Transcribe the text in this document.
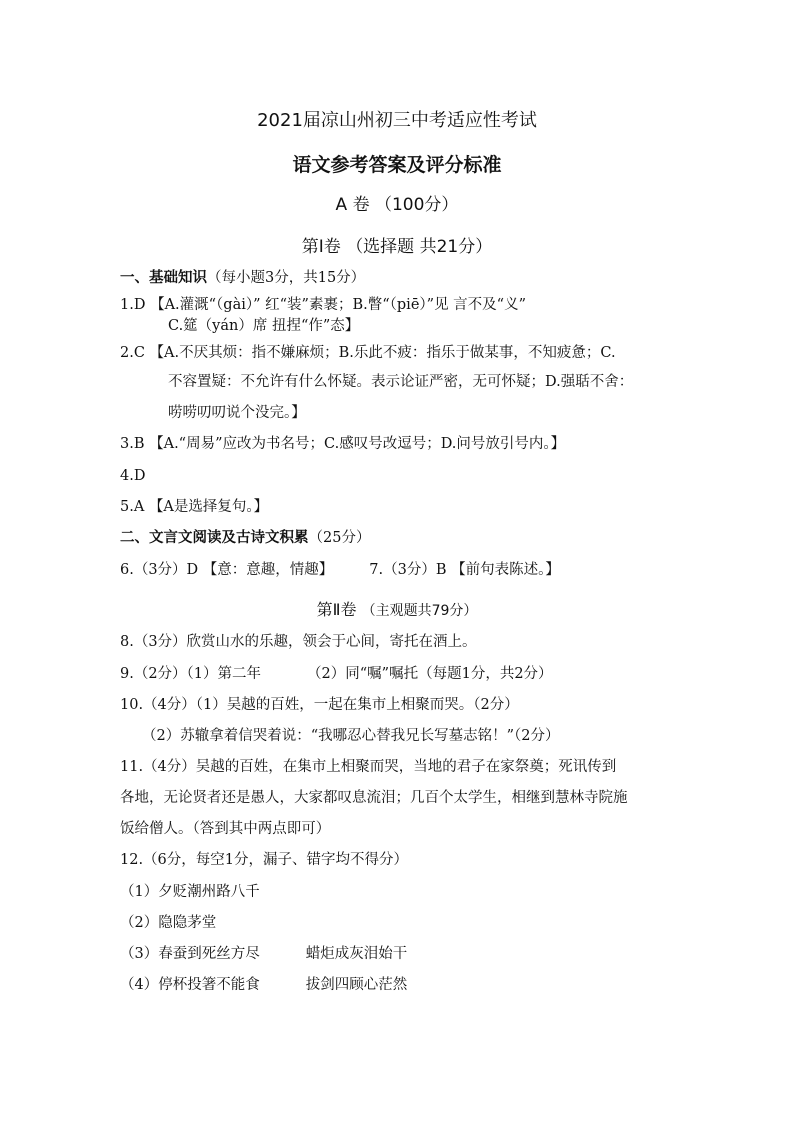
2021届凉山州初三中考适应性考试
语文参考答案及评分标准
A 卷 （100分）
第Ⅰ卷 （选择题 共21分）
一、基础知识（每小题3分，共15分）
1.D 【A.灌溉“（gài）” 红“装”素裹；B.瞥“（piē）”见 言不及“义”
C.筵（yán）席 扭捏“作”态】
2.C 【A.不厌其烦：指不嫌麻烦；B.乐此不疲：指乐于做某事，不知疲惫；C.
不容置疑：不允许有什么怀疑。表示论证严密，无可怀疑；D.强聒不舍：
唠唠叨叨说个没完。】
3.B 【A.“周易”应改为书名号；C.感叹号改逗号；D.问号放引号内。】
4.D
5.A 【A是选择复句。】
二、文言文阅读及古诗文积累（25分）
6.（3分）D 【意：意趣，情趣】 7.（3分）B 【前句表陈述。】
第Ⅱ卷 （主观题共79分）
8.（3分）欣赏山水的乐趣，领会于心间，寄托在酒上。
9.（2分）（1）第二年	（2）同“嘱”嘱托（每题1分，共2分）
10.（4分）（1）吴越的百姓，一起在集市上相聚而哭。（2分）
（2）苏辙拿着信哭着说：“我哪忍心替我兄长写墓志铭！”（2分）
11.（4分）吴越的百姓，在集市上相聚而哭，当地的君子在家祭奠；死讯传到
各地，无论贤者还是愚人，大家都叹息流泪；几百个太学生，相继到慧林寺院施
饭给僧人。（答到其中两点即可）
12.（6分，每空1分，漏子、错字均不得分）
（1）夕贬潮州路八千
（2）隐隐茅堂
（3）春蚕到死丝方尽	蜡炬成灰泪始干
（4）停杯投箸不能食	拔剑四顾心茫然
